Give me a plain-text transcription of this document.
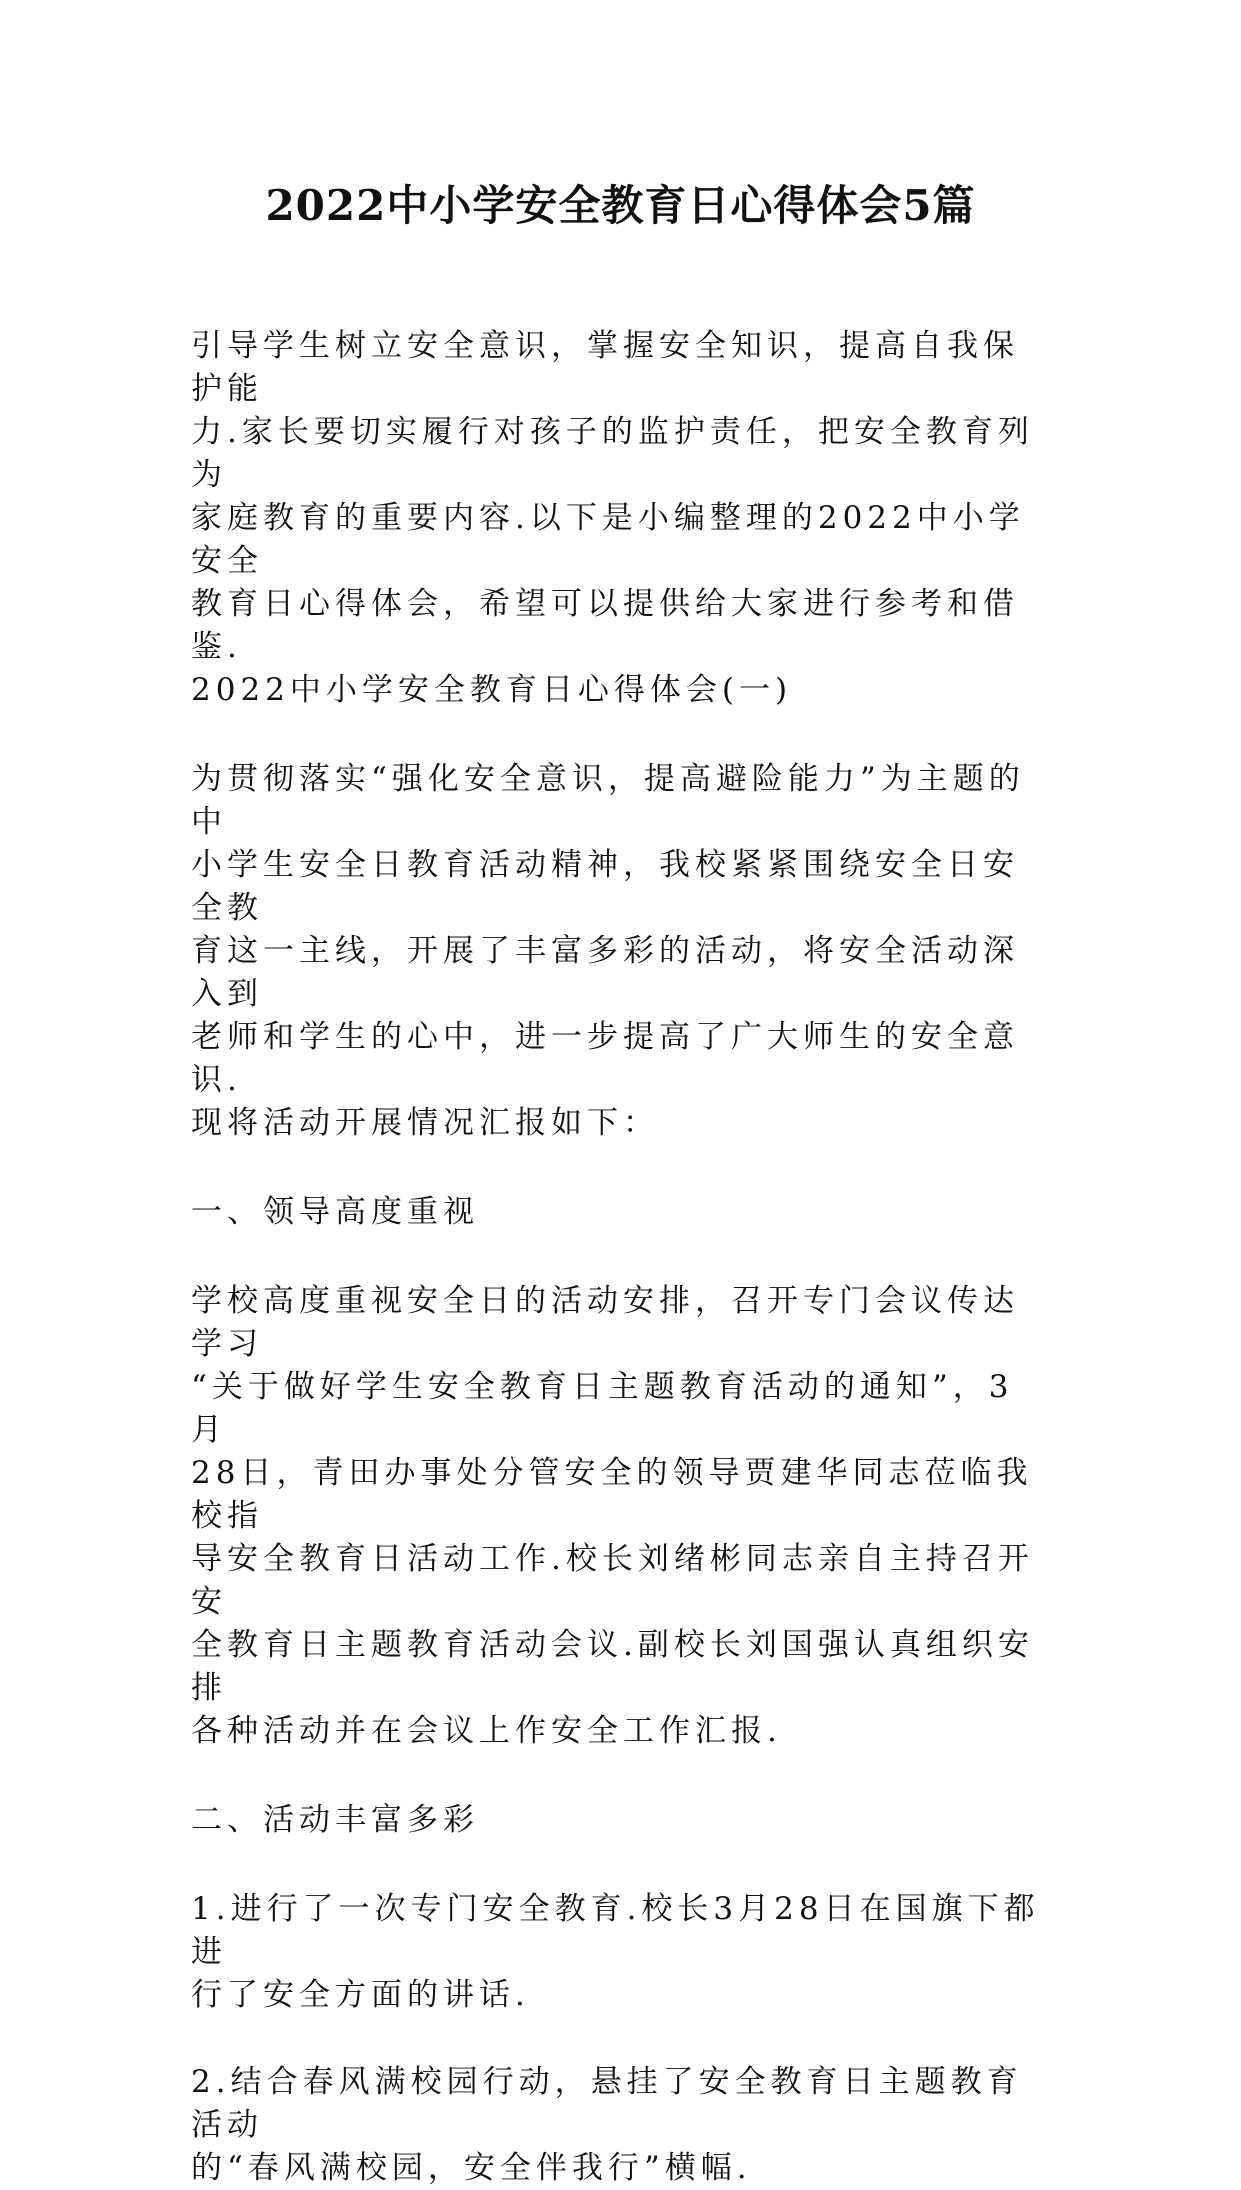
2022中小学安全教育日心得体会5篇

引导学生树立安全意识，掌握安全知识，提高自我保护能
力.家长要切实履行对孩子的监护责任，把安全教育列为
家庭教育的重要内容.以下是小编整理的2022中小学安全
教育日心得体会，希望可以提供给大家进行参考和借鉴.
2022中小学安全教育日心得体会(一)

为贯彻落实“强化安全意识，提高避险能力”为主题的中
小学生安全日教育活动精神，我校紧紧围绕安全日安全教
育这一主线，开展了丰富多彩的活动，将安全活动深入到
老师和学生的心中，进一步提高了广大师生的安全意识.
现将活动开展情况汇报如下：

一、领导高度重视

学校高度重视安全日的活动安排，召开专门会议传达学习
“关于做好学生安全教育日主题教育活动的通知”，3月
28日，青田办事处分管安全的领导贾建华同志莅临我校指
导安全教育日活动工作.校长刘绪彬同志亲自主持召开安
全教育日主题教育活动会议.副校长刘国强认真组织安排
各种活动并在会议上作安全工作汇报.

二、活动丰富多彩

1.进行了一次专门安全教育.校长3月28日在国旗下都进
行了安全方面的讲话.

2.结合春风满校园行动，悬挂了安全教育日主题教育活动
的“春风满校园，安全伴我行”横幅.
